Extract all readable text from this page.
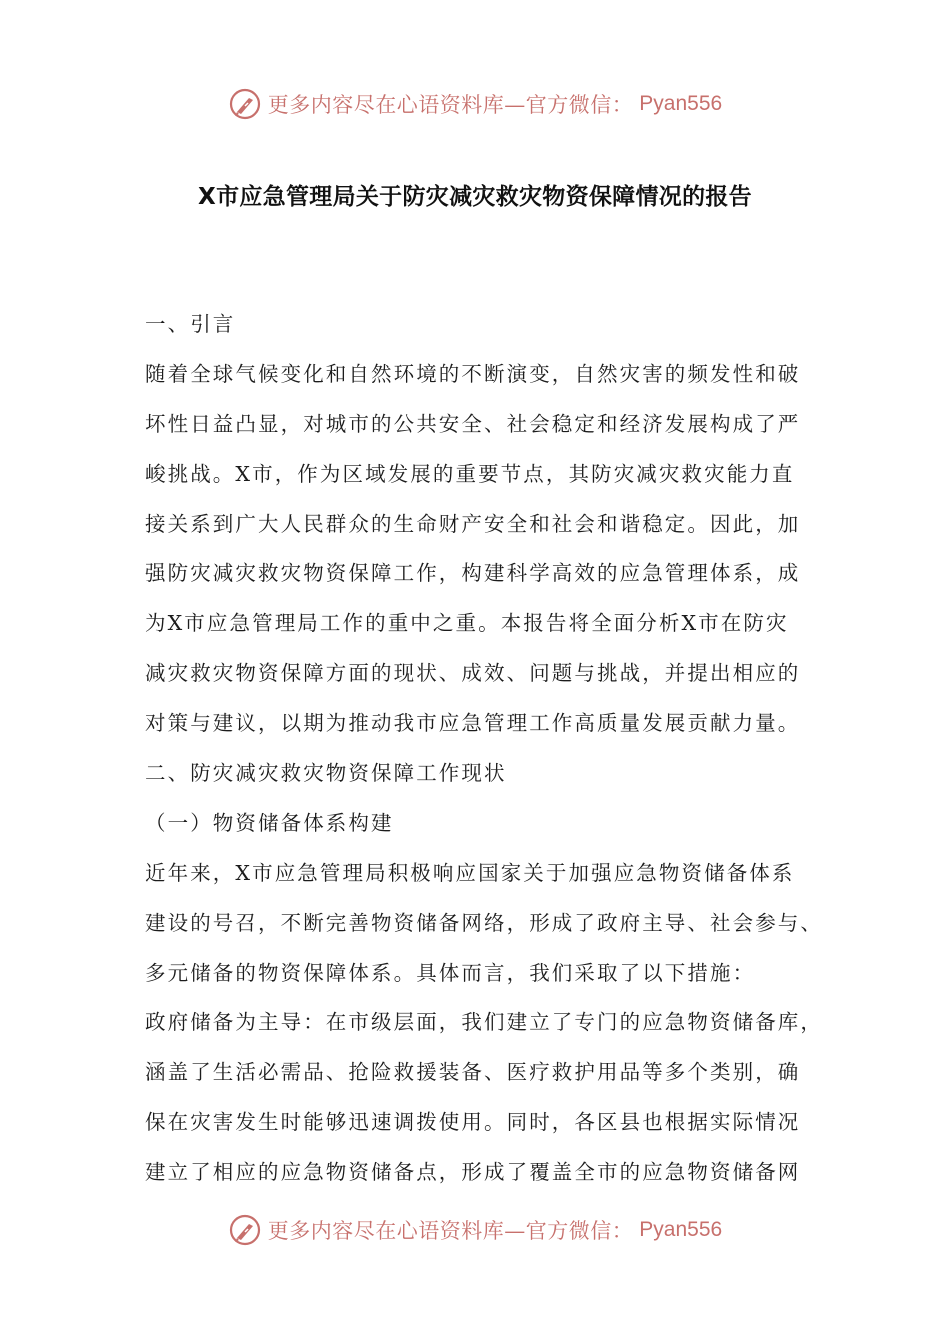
更多内容尽在心语资料库—官方微信： Pyan556
X市应急管理局关于防灾减灾救灾物资保障情况的报告
一、引言
随着全球气候变化和自然环境的不断演变，自然灾害的频发性和破
坏性日益凸显，对城市的公共安全、社会稳定和经济发展构成了严
峻挑战。X市，作为区域发展的重要节点，其防灾减灾救灾能力直
接关系到广大人民群众的生命财产安全和社会和谐稳定。因此，加
强防灾减灾救灾物资保障工作，构建科学高效的应急管理体系，成
为X市应急管理局工作的重中之重。本报告将全面分析X市在防灾
减灾救灾物资保障方面的现状、成效、问题与挑战，并提出相应的
对策与建议，以期为推动我市应急管理工作高质量发展贡献力量。
二、防灾减灾救灾物资保障工作现状
（一）物资储备体系构建
近年来，X市应急管理局积极响应国家关于加强应急物资储备体系
建设的号召，不断完善物资储备网络，形成了政府主导、社会参与、
多元储备的物资保障体系。具体而言，我们采取了以下措施：
政府储备为主导：在市级层面，我们建立了专门的应急物资储备库，
涵盖了生活必需品、抢险救援装备、医疗救护用品等多个类别，确
保在灾害发生时能够迅速调拨使用。同时，各区县也根据实际情况
建立了相应的应急物资储备点，形成了覆盖全市的应急物资储备网
更多内容尽在心语资料库—官方微信： Pyan556
